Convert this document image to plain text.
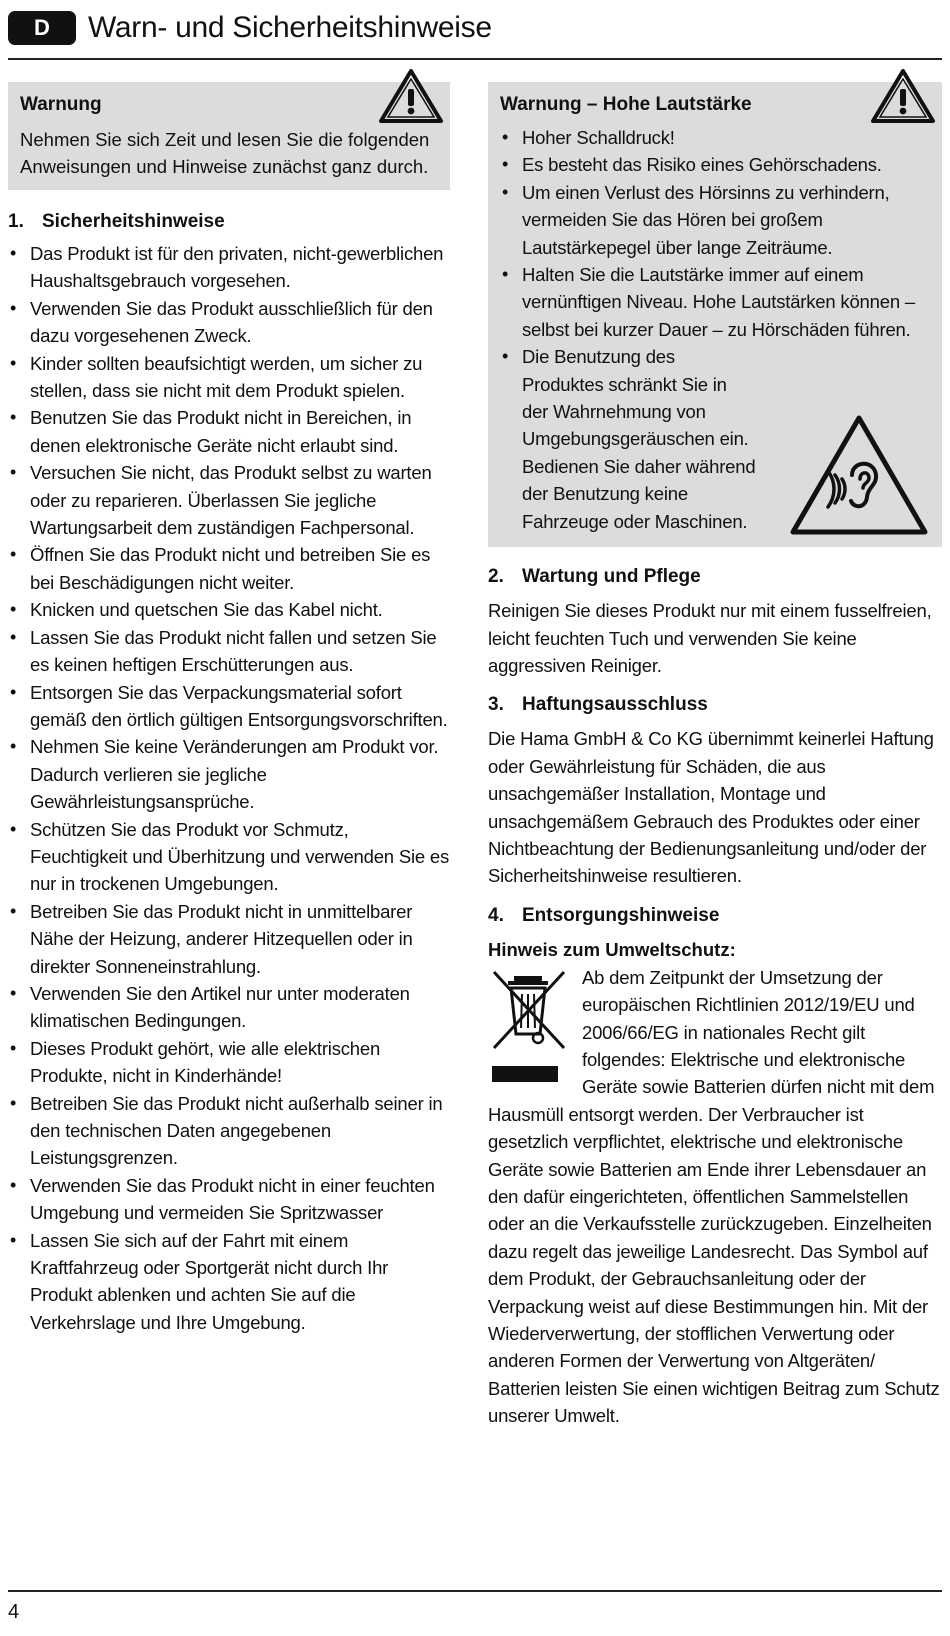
D	Warn- und Sicherheitshinweise

Warnung

Nehmen Sie sich Zeit und lesen Sie die folgenden Anweisungen und Hinweise zunächst ganz durch.

1. Sicherheitshinweise

• Das Produkt ist für den privaten, nicht-gewerblichen Haushaltsgebrauch vorgesehen.
• Verwenden Sie das Produkt ausschließlich für den dazu vorgesehenen Zweck.
• Kinder sollten beaufsichtigt werden, um sicher zu stellen, dass sie nicht mit dem Produkt spielen.
• Benutzen Sie das Produkt nicht in Bereichen, in denen elektronische Geräte nicht erlaubt sind.
• Versuchen Sie nicht, das Produkt selbst zu warten oder zu reparieren. Überlassen Sie jegliche Wartungsarbeit dem zuständigen Fachpersonal.
• Öffnen Sie das Produkt nicht und betreiben Sie es bei Beschädigungen nicht weiter.
• Knicken und quetschen Sie das Kabel nicht.
• Lassen Sie das Produkt nicht fallen und setzen Sie es keinen heftigen Erschütterungen aus.
• Entsorgen Sie das Verpackungsmaterial sofort gemäß den örtlich gültigen Entsorgungsvorschriften.
• Nehmen Sie keine Veränderungen am Produkt vor. Dadurch verlieren sie jegliche Gewährleistungsansprüche.
• Schützen Sie das Produkt vor Schmutz, Feuchtigkeit und Überhitzung und verwenden Sie es nur in trockenen Umgebungen.
• Betreiben Sie das Produkt nicht in unmittelbarer Nähe der Heizung, anderer Hitzequellen oder in direkter Sonneneinstrahlung.
• Verwenden Sie den Artikel nur unter moderaten klimatischen Bedingungen.
• Dieses Produkt gehört, wie alle elektrischen Produkte, nicht in Kinderhände!
• Betreiben Sie das Produkt nicht außerhalb seiner in den technischen Daten angegebenen Leistungsgrenzen.
• Verwenden Sie das Produkt nicht in einer feuchten Umgebung und vermeiden Sie Spritzwasser
• Lassen Sie sich auf der Fahrt mit einem Kraftfahrzeug oder Sportgerät nicht durch Ihr Produkt ablenken und achten Sie auf die Verkehrslage und Ihre Umgebung.

Warnung – Hohe Lautstärke

• Hoher Schalldruck!
• Es besteht das Risiko eines Gehörschadens.
• Um einen Verlust des Hörsinns zu verhindern, vermeiden Sie das Hören bei großem Lautstärkepegel über lange Zeiträume.
• Halten Sie die Lautstärke immer auf einem vernünftigen Niveau. Hohe Lautstärken können – selbst bei kurzer Dauer – zu Hörschäden führen.
• Die Benutzung des Produktes schränkt Sie in der Wahrnehmung von Umgebungsgeräuschen ein. Bedienen Sie daher während der Benutzung keine Fahrzeuge oder Maschinen.

2. Wartung und Pflege

Reinigen Sie dieses Produkt nur mit einem fusselfreien, leicht feuchten Tuch und verwenden Sie keine aggressiven Reiniger.

3. Haftungsausschluss

Die Hama GmbH & Co KG übernimmt keinerlei Haftung oder Gewährleistung für Schäden, die aus unsachgemäßer Installation, Montage und unsachgemäßem Gebrauch des Produktes oder einer Nichtbeachtung der Bedienungsanleitung und/oder der Sicherheitshinweise resultieren.

4. Entsorgungshinweise

Hinweis zum Umweltschutz:

Ab dem Zeitpunkt der Umsetzung der europäischen Richtlinien 2012/19/EU und 2006/66/EG in nationales Recht gilt folgendes: Elektrische und elektronische Geräte sowie Batterien dürfen nicht mit dem Hausmüll entsorgt werden. Der Verbraucher ist gesetzlich verpflichtet, elektrische und elektronische Geräte sowie Batterien am Ende ihrer Lebensdauer an den dafür eingerichteten, öffentlichen Sammelstellen oder an die Verkaufsstelle zurückzugeben. Einzelheiten dazu regelt das jeweilige Landesrecht. Das Symbol auf dem Produkt, der Gebrauchsanleitung oder der Verpackung weist auf diese Bestimmungen hin. Mit der Wiederverwertung, der stofflichen Verwertung oder anderen Formen der Verwertung von Altgeräten/ Batterien leisten Sie einen wichtigen Beitrag zum Schutz unserer Umwelt.

4
